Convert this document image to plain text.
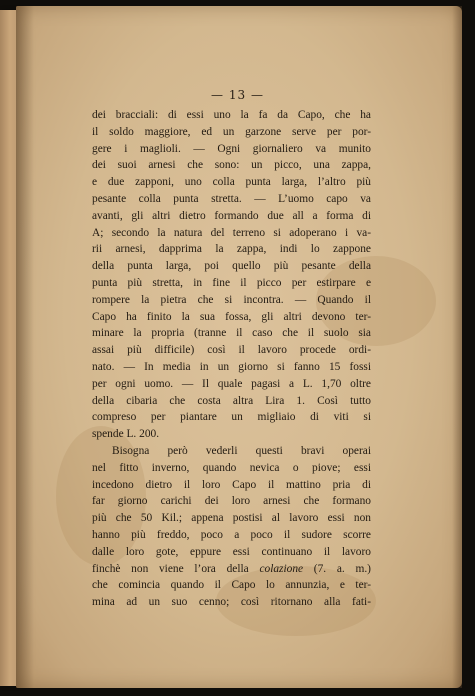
— 13 —
dei bracciali: di essi uno la fa da Capo, che ha
il soldo maggiore, ed un garzone serve per por-
gere i maglioli. — Ogni giornaliero va munito
dei suoi arnesi che sono: un picco, una zappa,
e due zapponi, uno colla punta larga, l’altro più
pesante colla punta stretta. — L’uomo capo va
avanti, gli altri dietro formando due all a forma di
A; secondo la natura del terreno si adoperano i va-
rii arnesi, dapprima la zappa, indi lo zappone
della punta larga, poi quello più pesante della
punta più stretta, in fine il picco per estirpare e
rompere la pietra che si incontra. — Quando il
Capo ha finito la sua fossa, gli altri devono ter-
minare la propria (tranne il caso che il suolo sia
assai più difficile) così il lavoro procede ordi-
nato. — In media in un giorno si fanno 15 fossi
per ogni uomo. — Il quale pagasi a L. 1,70 oltre
della cibaria che costa altra Lira 1. Così tutto
compreso per piantare un migliaio di viti si
spende L. 200.
Bisogna però vederli questi bravi operai
nel fitto inverno, quando nevica o piove; essi
incedono dietro il loro Capo il mattino pria di
far giorno carichi dei loro arnesi che formano
più che 50 Kil.; appena postisi al lavoro essi non
hanno più freddo, poco a poco il sudore scorre
dalle loro gote, eppure essi continuano il lavoro
finchè non viene l’ora della colazione (7. a. m.)
che comincia quando il Capo lo annunzia, e ter-
mina ad un suo cenno; così ritornano alla fati-
